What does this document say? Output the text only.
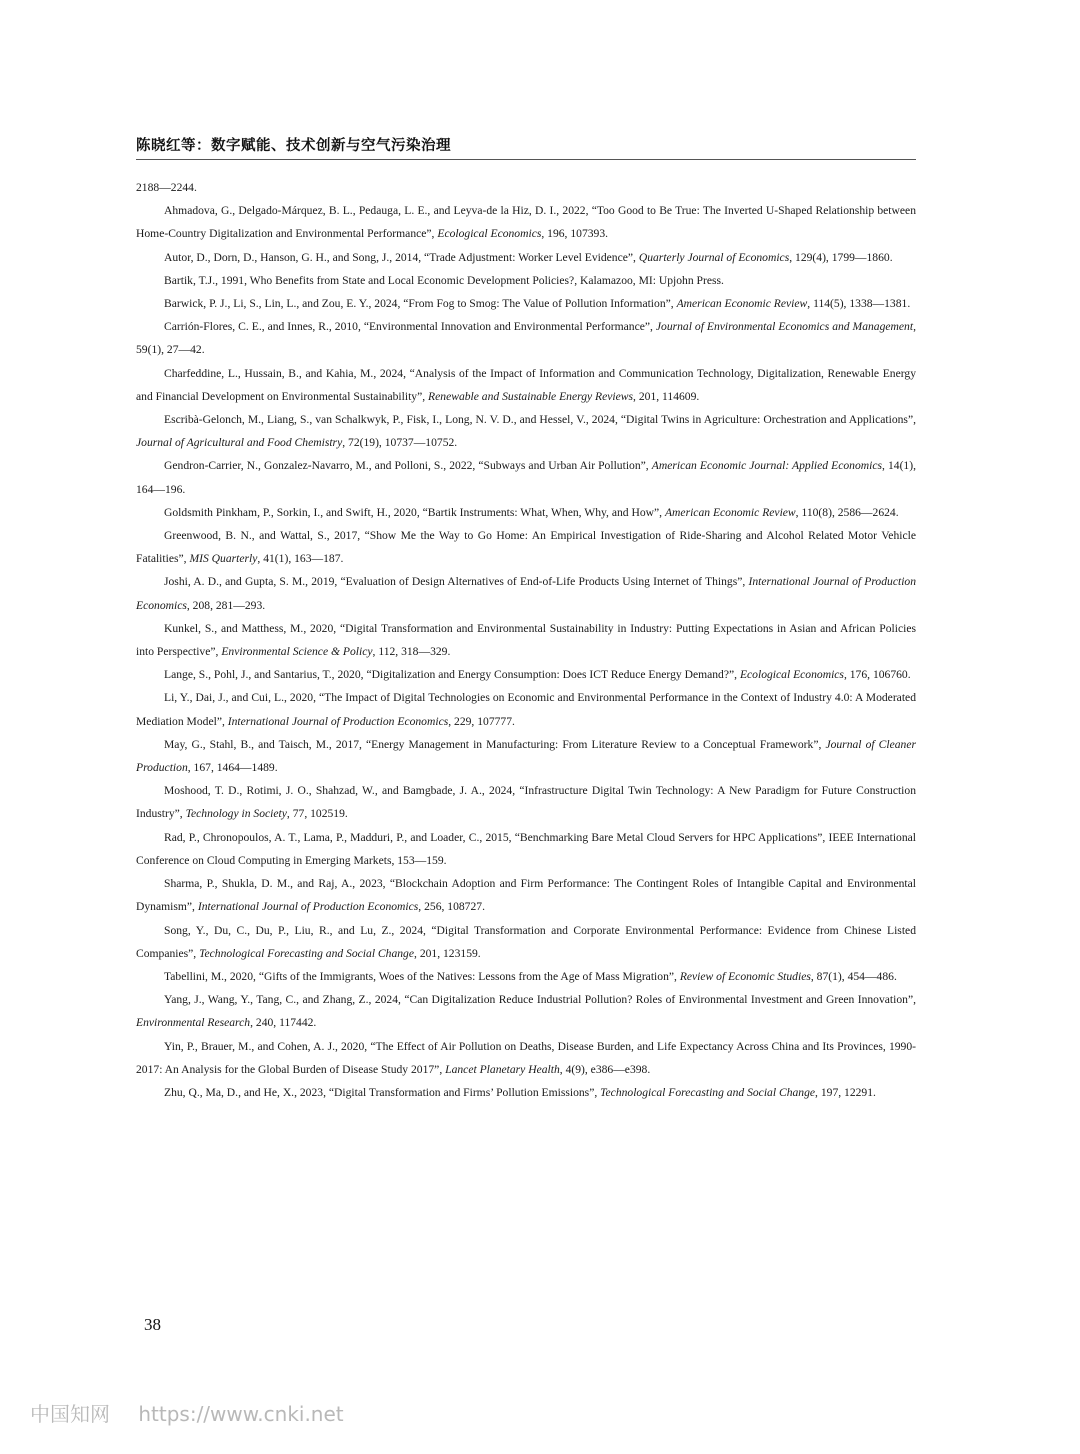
陈晓红等：数字赋能、技术创新与空气污染治理

2188—2244.

Ahmadova, G., Delgado-Márquez, B. L., Pedauga, L. E., and Leyva-de la Hiz, D. I., 2022, “Too Good to Be True: The Inverted U-Shaped Relationship between Home-Country Digitalization and Environmental Performance”, Ecological Economics, 196, 107393.

Autor, D., Dorn, D., Hanson, G. H., and Song, J., 2014, “Trade Adjustment: Worker Level Evidence”, Quarterly Journal of Economics, 129(4), 1799—1860.

Bartik, T.J., 1991, Who Benefits from State and Local Economic Development Policies?, Kalamazoo, MI: Upjohn Press.

Barwick, P. J., Li, S., Lin, L., and Zou, E. Y., 2024, “From Fog to Smog: The Value of Pollution Information”, American Economic Review, 114(5), 1338—1381.

Carrión-Flores, C. E., and Innes, R., 2010, “Environmental Innovation and Environmental Performance”, Journal of Environmental Economics and Management, 59(1), 27—42.

Charfeddine, L., Hussain, B., and Kahia, M., 2024, “Analysis of the Impact of Information and Communication Technology, Digitalization, Renewable Energy and Financial Development on Environmental Sustainability”, Renewable and Sustainable Energy Reviews, 201, 114609.

Escribà-Gelonch, M., Liang, S., van Schalkwyk, P., Fisk, I., Long, N. V. D., and Hessel, V., 2024, “Digital Twins in Agriculture: Orchestration and Applications”, Journal of Agricultural and Food Chemistry, 72(19), 10737—10752.

Gendron-Carrier, N., Gonzalez-Navarro, M., and Polloni, S., 2022, “Subways and Urban Air Pollution”, American Economic Journal: Applied Economics, 14(1), 164—196.

Goldsmith Pinkham, P., Sorkin, I., and Swift, H., 2020, “Bartik Instruments: What, When, Why, and How”, American Economic Review, 110(8), 2586—2624.

Greenwood, B. N., and Wattal, S., 2017, “Show Me the Way to Go Home: An Empirical Investigation of Ride-Sharing and Alcohol Related Motor Vehicle Fatalities”, MIS Quarterly, 41(1), 163—187.

Joshi, A. D., and Gupta, S. M., 2019, “Evaluation of Design Alternatives of End-of-Life Products Using Internet of Things”, International Journal of Production Economics, 208, 281—293.

Kunkel, S., and Matthess, M., 2020, “Digital Transformation and Environmental Sustainability in Industry: Putting Expectations in Asian and African Policies into Perspective”, Environmental Science & Policy, 112, 318—329.

Lange, S., Pohl, J., and Santarius, T., 2020, “Digitalization and Energy Consumption: Does ICT Reduce Energy Demand?”, Ecological Economics, 176, 106760.

Li, Y., Dai, J., and Cui, L., 2020, “The Impact of Digital Technologies on Economic and Environmental Performance in the Context of Industry 4.0: A Moderated Mediation Model”, International Journal of Production Economics, 229, 107777.

May, G., Stahl, B., and Taisch, M., 2017, “Energy Management in Manufacturing: From Literature Review to a Conceptual Framework”, Journal of Cleaner Production, 167, 1464—1489.

Moshood, T. D., Rotimi, J. O., Shahzad, W., and Bamgbade, J. A., 2024, “Infrastructure Digital Twin Technology: A New Paradigm for Future Construction Industry”, Technology in Society, 77, 102519.

Rad, P., Chronopoulos, A. T., Lama, P., Madduri, P., and Loader, C., 2015, “Benchmarking Bare Metal Cloud Servers for HPC Applications”, IEEE International Conference on Cloud Computing in Emerging Markets, 153—159.

Sharma, P., Shukla, D. M., and Raj, A., 2023, “Blockchain Adoption and Firm Performance: The Contingent Roles of Intangible Capital and Environmental Dynamism”, International Journal of Production Economics, 256, 108727.

Song, Y., Du, C., Du, P., Liu, R., and Lu, Z., 2024, “Digital Transformation and Corporate Environmental Performance: Evidence from Chinese Listed Companies”, Technological Forecasting and Social Change, 201, 123159.

Tabellini, M., 2020, “Gifts of the Immigrants, Woes of the Natives: Lessons from the Age of Mass Migration”, Review of Economic Studies, 87(1), 454—486.

Yang, J., Wang, Y., Tang, C., and Zhang, Z., 2024, “Can Digitalization Reduce Industrial Pollution? Roles of Environmental Investment and Green Innovation”, Environmental Research, 240, 117442.

Yin, P., Brauer, M., and Cohen, A. J., 2020, “The Effect of Air Pollution on Deaths, Disease Burden, and Life Expectancy Across China and Its Provinces, 1990-2017: An Analysis for the Global Burden of Disease Study 2017”, Lancet Planetary Health, 4(9), e386—e398.

Zhu, Q., Ma, D., and He, X., 2023, “Digital Transformation and Firms’ Pollution Emissions”, Technological Forecasting and Social Change, 197, 12291.

38
中国知网 https://www.cnki.net
